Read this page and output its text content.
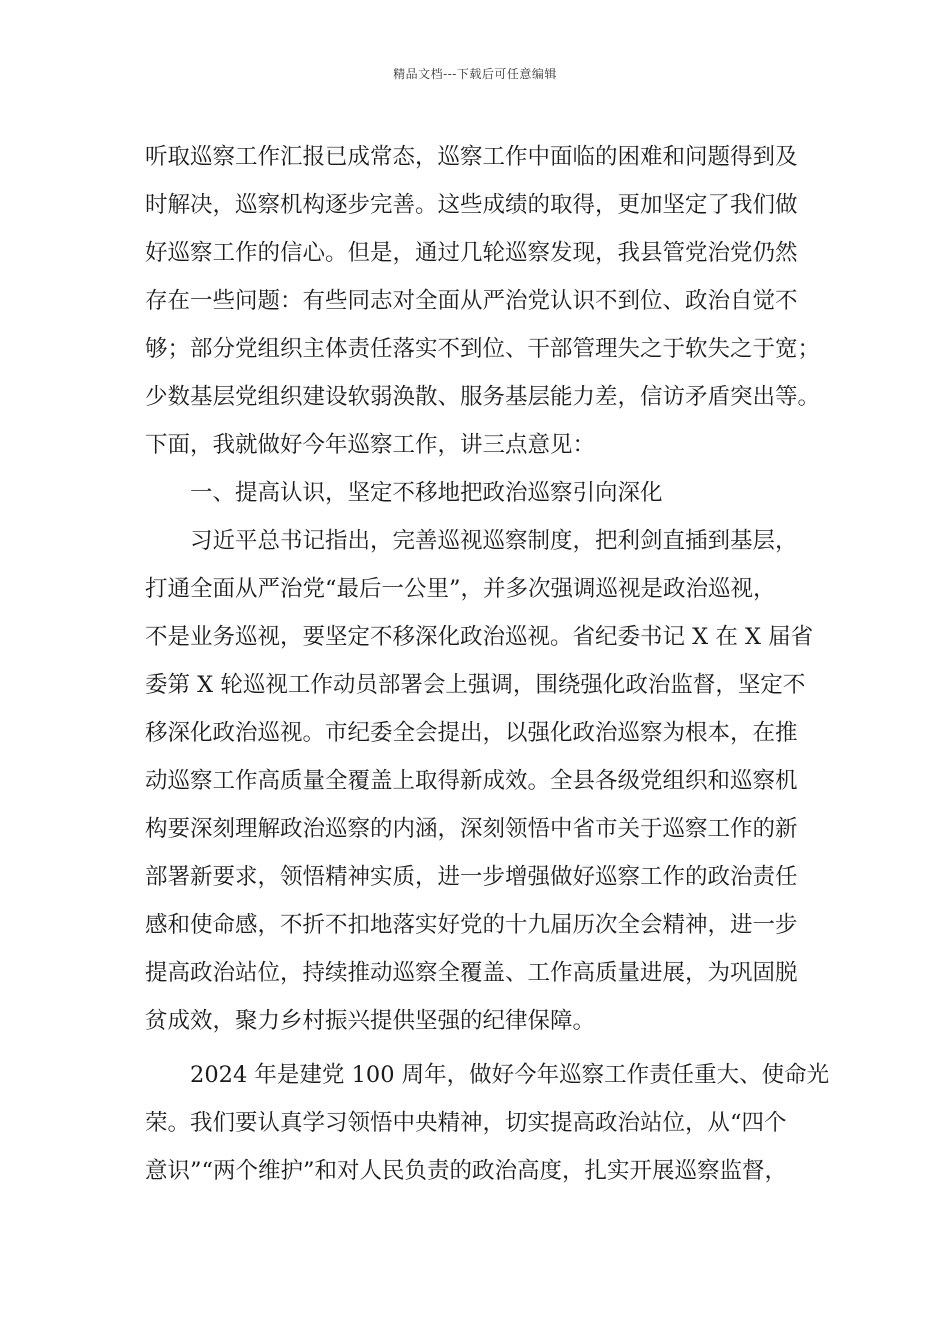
精品文档---下载后可任意编辑
听取巡察工作汇报已成常态，巡察工作中面临的困难和问题得到及
时解决，巡察机构逐步完善。这些成绩的取得，更加坚定了我们做
好巡察工作的信心。但是，通过几轮巡察发现，我县管党治党仍然
存在一些问题：有些同志对全面从严治党认识不到位、政治自觉不
够；部分党组织主体责任落实不到位、干部管理失之于软失之于宽；
少数基层党组织建设软弱涣散、服务基层能力差，信访矛盾突出等。
下面，我就做好今年巡察工作，讲三点意见：
一、提高认识，坚定不移地把政治巡察引向深化
习近平总书记指出，完善巡视巡察制度，把利剑直插到基层，
打通全面从严治党“最后一公里”，并多次强调巡视是政治巡视，
不是业务巡视，要坚定不移深化政治巡视。省纪委书记 X 在 X 届省
委第 X 轮巡视工作动员部署会上强调，围绕强化政治监督，坚定不
移深化政治巡视。市纪委全会提出，以强化政治巡察为根本，在推
动巡察工作高质量全覆盖上取得新成效。全县各级党组织和巡察机
构要深刻理解政治巡察的内涵，深刻领悟中省市关于巡察工作的新
部署新要求，领悟精神实质，进一步增强做好巡察工作的政治责任
感和使命感，不折不扣地落实好党的十九届历次全会精神，进一步
提高政治站位，持续推动巡察全覆盖、工作高质量进展，为巩固脱
贫成效，聚力乡村振兴提供坚强的纪律保障。
2024 年是建党 100 周年，做好今年巡察工作责任重大、使命光
荣。我们要认真学习领悟中央精神，切实提高政治站位，从“四个
意识”“两个维护”和对人民负责的政治高度，扎实开展巡察监督，
